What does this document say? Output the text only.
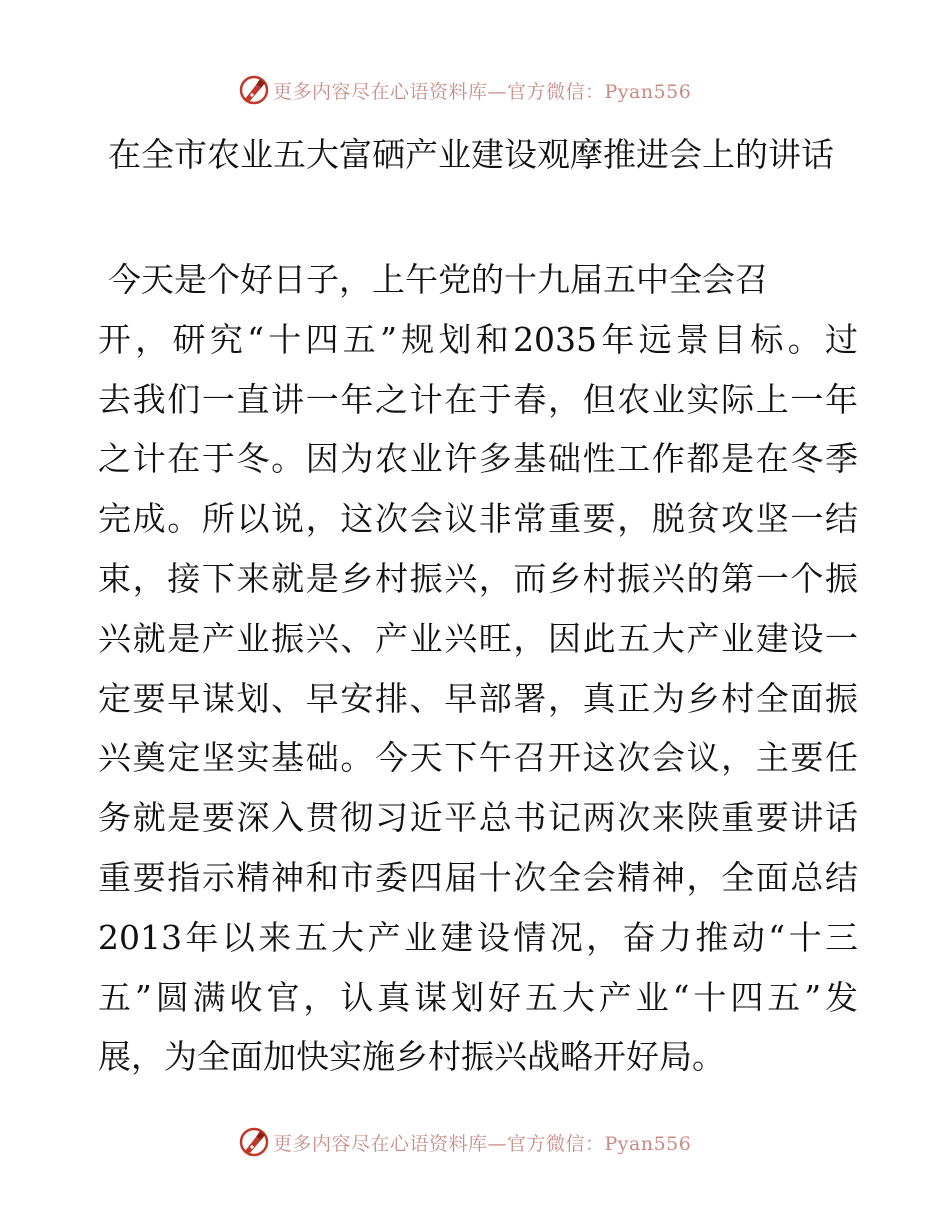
更多内容尽在心语资料库—官方微信：Pyan556
在全市农业五大富硒产业建设观摩推进会上的讲话
今天是个好日子，上午党的十九届五中全会召
开，研究“十四五”规划和2035年远景目标。过
去我们一直讲一年之计在于春，但农业实际上一年
之计在于冬。因为农业许多基础性工作都是在冬季
完成。所以说，这次会议非常重要，脱贫攻坚一结
束，接下来就是乡村振兴，而乡村振兴的第一个振
兴就是产业振兴、产业兴旺，因此五大产业建设一
定要早谋划、早安排、早部署，真正为乡村全面振
兴奠定坚实基础。今天下午召开这次会议，主要任
务就是要深入贯彻习近平总书记两次来陕重要讲话
重要指示精神和市委四届十次全会精神，全面总结
2013年以来五大产业建设情况，奋力推动“十三
五”圆满收官，认真谋划好五大产业“十四五”发
展，为全面加快实施乡村振兴战略开好局。
更多内容尽在心语资料库—官方微信：Pyan556
